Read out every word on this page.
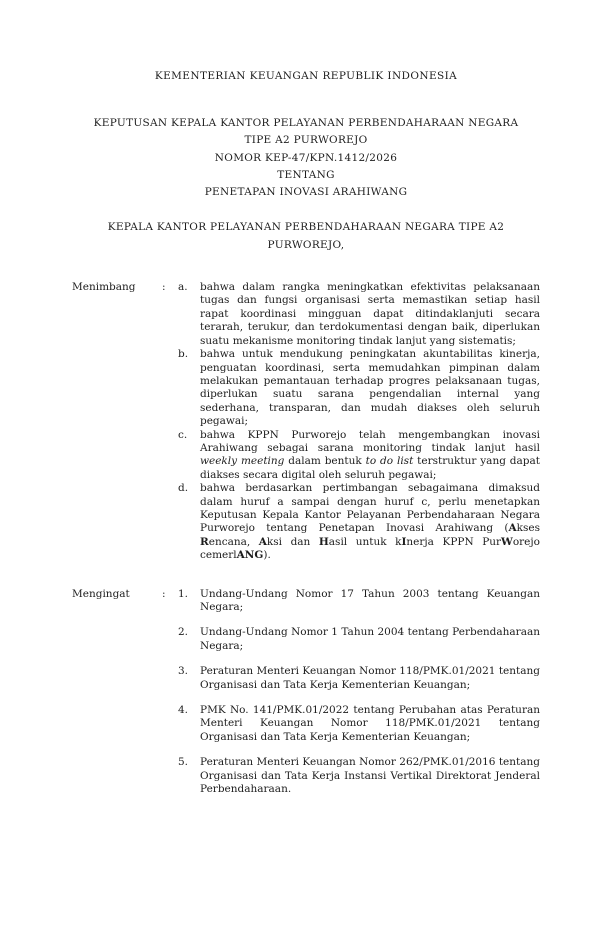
KEMENTERIAN KEUANGAN REPUBLIK INDONESIA
KEPUTUSAN KEPALA KANTOR PELAYANAN PERBENDAHARAAN NEGARA
TIPE A2 PURWOREJO
NOMOR KEP-47/KPN.1412/2026
TENTANG
PENETAPAN INOVASI ARAHIWANG
KEPALA KANTOR PELAYANAN PERBENDAHARAAN NEGARA TIPE A2
PURWOREJO,
Menimbang	:	a.	bahwa dalam rangka meningkatkan efektivitas pelaksanaan tugas dan fungsi organisasi serta memastikan setiap hasil rapat koordinasi mingguan dapat ditindaklanjuti secara terarah, terukur, dan terdokumentasi dengan baik, diperlukan suatu mekanisme monitoring tindak lanjut yang sistematis;
b.	bahwa untuk mendukung peningkatan akuntabilitas kinerja, penguatan koordinasi, serta memudahkan pimpinan dalam melakukan pemantauan terhadap progres pelaksanaan tugas, diperlukan suatu sarana pengendalian internal yang sederhana, transparan, dan mudah diakses oleh seluruh pegawai;
c.	bahwa KPPN Purworejo telah mengembangkan inovasi Arahiwang sebagai sarana monitoring tindak lanjut hasil weekly meeting dalam bentuk to do list terstruktur yang dapat diakses secara digital oleh seluruh pegawai;
d.	bahwa berdasarkan pertimbangan sebagaimana dimaksud dalam huruf a sampai dengan huruf c, perlu menetapkan Keputusan Kepala Kantor Pelayanan Perbendaharaan Negara Purworejo tentang Penetapan Inovasi Arahiwang (Akses Rencana, Aksi dan Hasil untuk kInerja KPPN PurWorejo cemerlANG).
Mengingat	:	1.	Undang-Undang Nomor 17 Tahun 2003 tentang Keuangan Negara;
2.	Undang-Undang Nomor 1 Tahun 2004 tentang Perbendaharaan Negara;
3.	Peraturan Menteri Keuangan Nomor 118/PMK.01/2021 tentang Organisasi dan Tata Kerja Kementerian Keuangan;
4.	PMK No. 141/PMK.01/2022 tentang Perubahan atas Peraturan Menteri Keuangan Nomor 118/PMK.01/2021 tentang Organisasi dan Tata Kerja Kementerian Keuangan;
5.	Peraturan Menteri Keuangan Nomor 262/PMK.01/2016 tentang Organisasi dan Tata Kerja Instansi Vertikal Direktorat Jenderal Perbendaharaan.
